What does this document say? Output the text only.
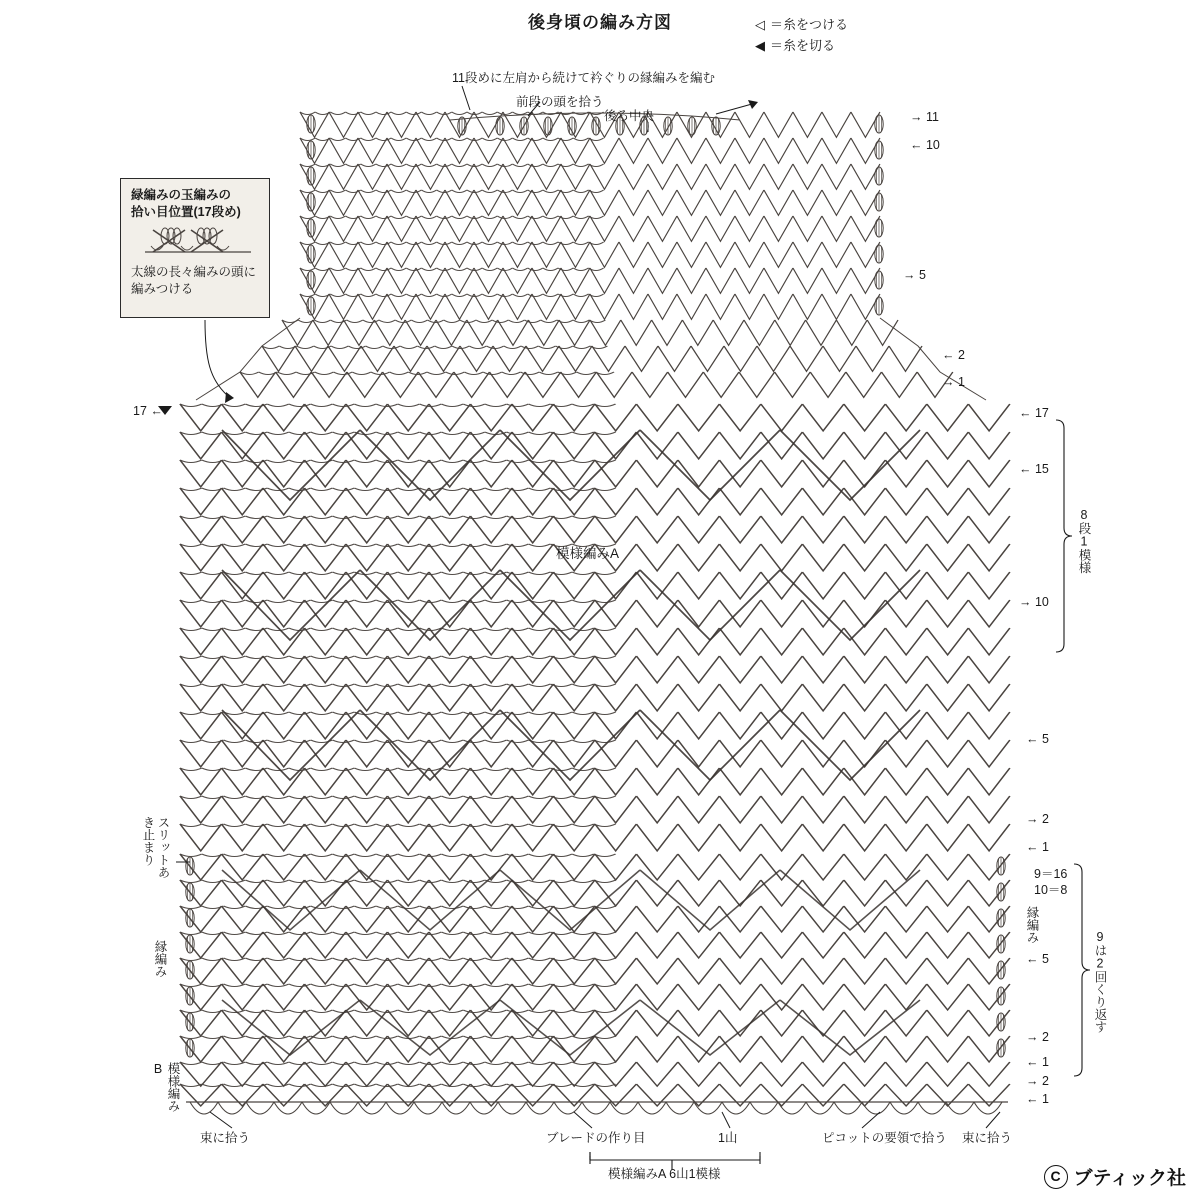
後身頃の編み方図	◁ ＝糸をつける
◀ ＝糸を切る
緑編みの玉編みの
拾い目位置(17段め)
太線の長々編みの頭に
編みつける
11段めに左肩から続けて衿ぐりの縁編みを編む
前段の頭を拾う
後ろ中央
模様編みA
→ 11
← 10
→ 5
← 2
→ 1
← 17
← 15
→ 10
← 5
→ 2
← 1
← 5
→ 2
← 1
→ 2
← 1
17 ←
8段1模様
9＝16
10＝8
9は2回くり返す
縁編み
スリットあき止まり
縁編み
模様編みB
束に拾う	ブレードの作り目	1山	ピコットの要領で拾う 束に拾う
模様編みA 6山1模様	C ブティック社
